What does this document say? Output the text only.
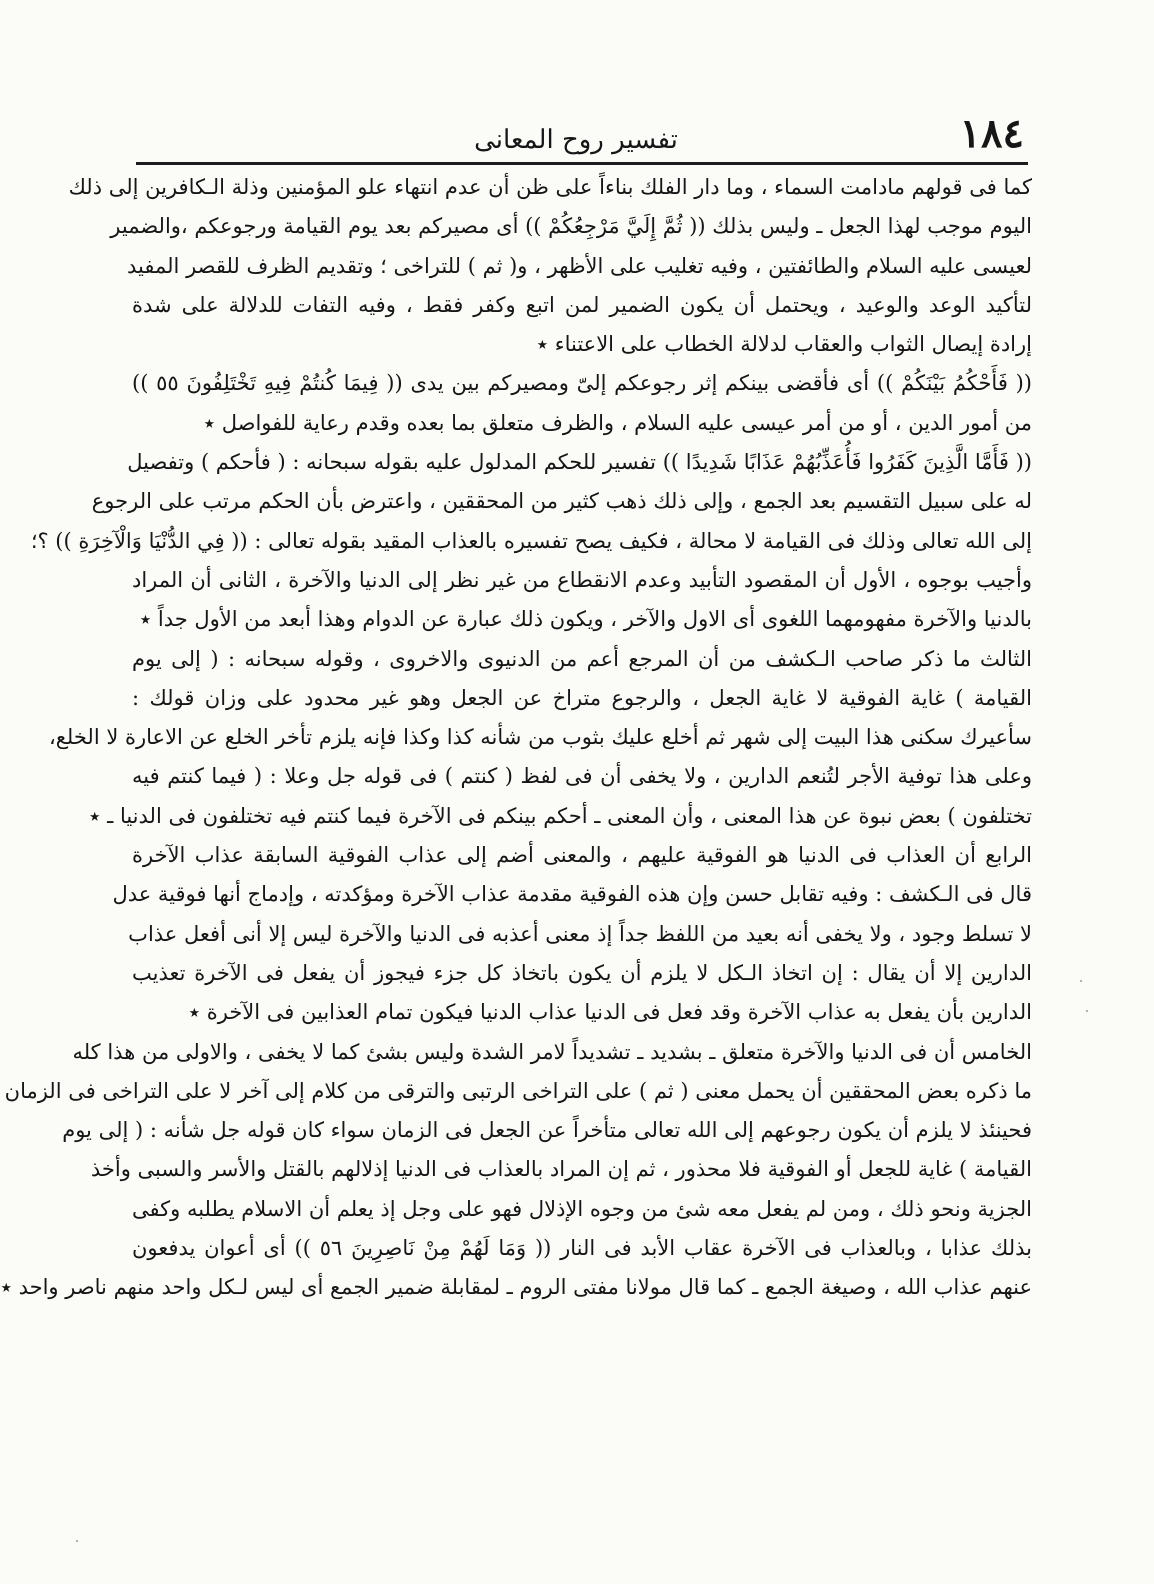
١٨٤
تفسير روح المعانى
كما فى قولهم مادامت السماء ، وما دار الفلك بناءاً على ظن أن عدم انتهاء علو المؤمنين وذلة الـكافرين إلى ذلك
اليوم موجب لهذا الجعل ـ وليس بذلك (( ثُمَّ إِلَيَّ مَرْجِعُكُمْ )) أى مصيركم بعد يوم القيامة ورجوعكم ،والضمير
لعيسى عليه السلام والطائفتين ، وفيه تغليب على الأظهر ، و( ثم ) للتراخى ؛ وتقديم الظرف للقصر المفيد
لتأكيد الوعد والوعيد ، ويحتمل أن يكون الضمير لمن اتبع وكفر فقط ، وفيه التفات للدلالة على شدة
إرادة إيصال الثواب والعقاب لدلالة الخطاب على الاعتناء ٭
(( فَأَحْكُمُ بَيْنَكُمْ )) أى فأقضى بينكم إثر رجوعكم إلىّ ومصيركم بين يدى (( فِيمَا كُنتُمْ فِيهِ تَخْتَلِفُونَ ٥٥ ))
من أمور الدين ، أو من أمر عيسى عليه السلام ، والظرف متعلق بما بعده وقدم رعاية للفواصل ٭
(( فَأَمَّا الَّذِينَ كَفَرُوا فَأُعَذِّبُهُمْ عَذَابًا شَدِيدًا )) تفسير للحكم المدلول عليه بقوله سبحانه : ( فأحكم ) وتفصيل
له على سبيل التقسيم بعد الجمع ، وإلى ذلك ذهب كثير من المحققين ، واعترض بأن الحكم مرتب على الرجوع
إلى الله تعالى وذلك فى القيامة لا محالة ، فكيف يصح تفسيره بالعذاب المقيد بقوله تعالى : (( فِي الدُّنْيَا وَالْآخِرَةِ )) ؟؛
وأجيب بوجوه ، الأول أن المقصود التأبيد وعدم الانقطاع من غير نظر إلى الدنيا والآخرة ، الثانى أن المراد
بالدنيا والآخرة مفهومهما اللغوى أى الاول والآخر ، ويكون ذلك عبارة عن الدوام وهذا أبعد من الأول جداً ٭
الثالث ما ذكر صاحب الـكشف من أن المرجع أعم من الدنيوى والاخروى ، وقوله سبحانه : ( إلى يوم
القيامة ) غاية الفوقية لا غاية الجعل ، والرجوع متراخ عن الجعل وهو غير محدود على وزان قولك :
سأعيرك سكنى هذا البيت إلى شهر ثم أخلع عليك بثوب من شأنه كذا وكذا فإنه يلزم تأخر الخلع عن الاعارة لا الخلع،
وعلى هذا توفية الأجر لتُنعم الدارين ، ولا يخفى أن فى لفظ ( كنتم ) فى قوله جل وعلا : ( فيما كنتم فيه
تختلفون ) بعض نبوة عن هذا المعنى ، وأن المعنى ـ أحكم بينكم فى الآخرة فيما كنتم فيه تختلفون فى الدنيا ـ ٭
الرابع أن العذاب فى الدنيا هو الفوقية عليهم ، والمعنى أضم إلى عذاب الفوقية السابقة عذاب الآخرة
قال فى الـكشف : وفيه تقابل حسن وإن هذه الفوقية مقدمة عذاب الآخرة ومؤكدته ، وإدماج أنها فوقية عدل
لا تسلط وجود ، ولا يخفى أنه بعيد من اللفظ جداً إذ معنى أعذبه فى الدنيا والآخرة ليس إلا أنى أفعل عذاب
الدارين إلا أن يقال : إن اتخاذ الـكل لا يلزم أن يكون باتخاذ كل جزء فيجوز أن يفعل فى الآخرة تعذيب
الدارين بأن يفعل به عذاب الآخرة وقد فعل فى الدنيا عذاب الدنيا فيكون تمام العذابين فى الآخرة ٭
الخامس أن فى الدنيا والآخرة متعلق ـ بشديد ـ تشديداً لامر الشدة وليس بشئ كما لا يخفى ، والاولى من هذا كله
ما ذكره بعض المحققين أن يحمل معنى ( ثم ) على التراخى الرتبى والترقى من كلام إلى آخر لا على التراخى فى الزمان
فحينئذ لا يلزم أن يكون رجوعهم إلى الله تعالى متأخراً عن الجعل فى الزمان سواء كان قوله جل شأنه : ( إلى يوم
القيامة ) غاية للجعل أو الفوقية فلا محذور ، ثم إن المراد بالعذاب فى الدنيا إذلالهم بالقتل والأسر والسبى وأخذ
الجزية ونحو ذلك ، ومن لم يفعل معه شئ من وجوه الإذلال فهو على وجل إذ يعلم أن الاسلام يطلبه وكفى
بذلك عذابا ، وبالعذاب فى الآخرة عقاب الأبد فى النار (( وَمَا لَهُمْ مِنْ نَاصِرِينَ ٥٦ )) أى أعوان يدفعون
عنهم عذاب الله ، وصيغة الجمع ـ كما قال مولانا مفتى الروم ـ لمقابلة ضمير الجمع أى ليس لـكل واحد منهم ناصر واحد ٭
